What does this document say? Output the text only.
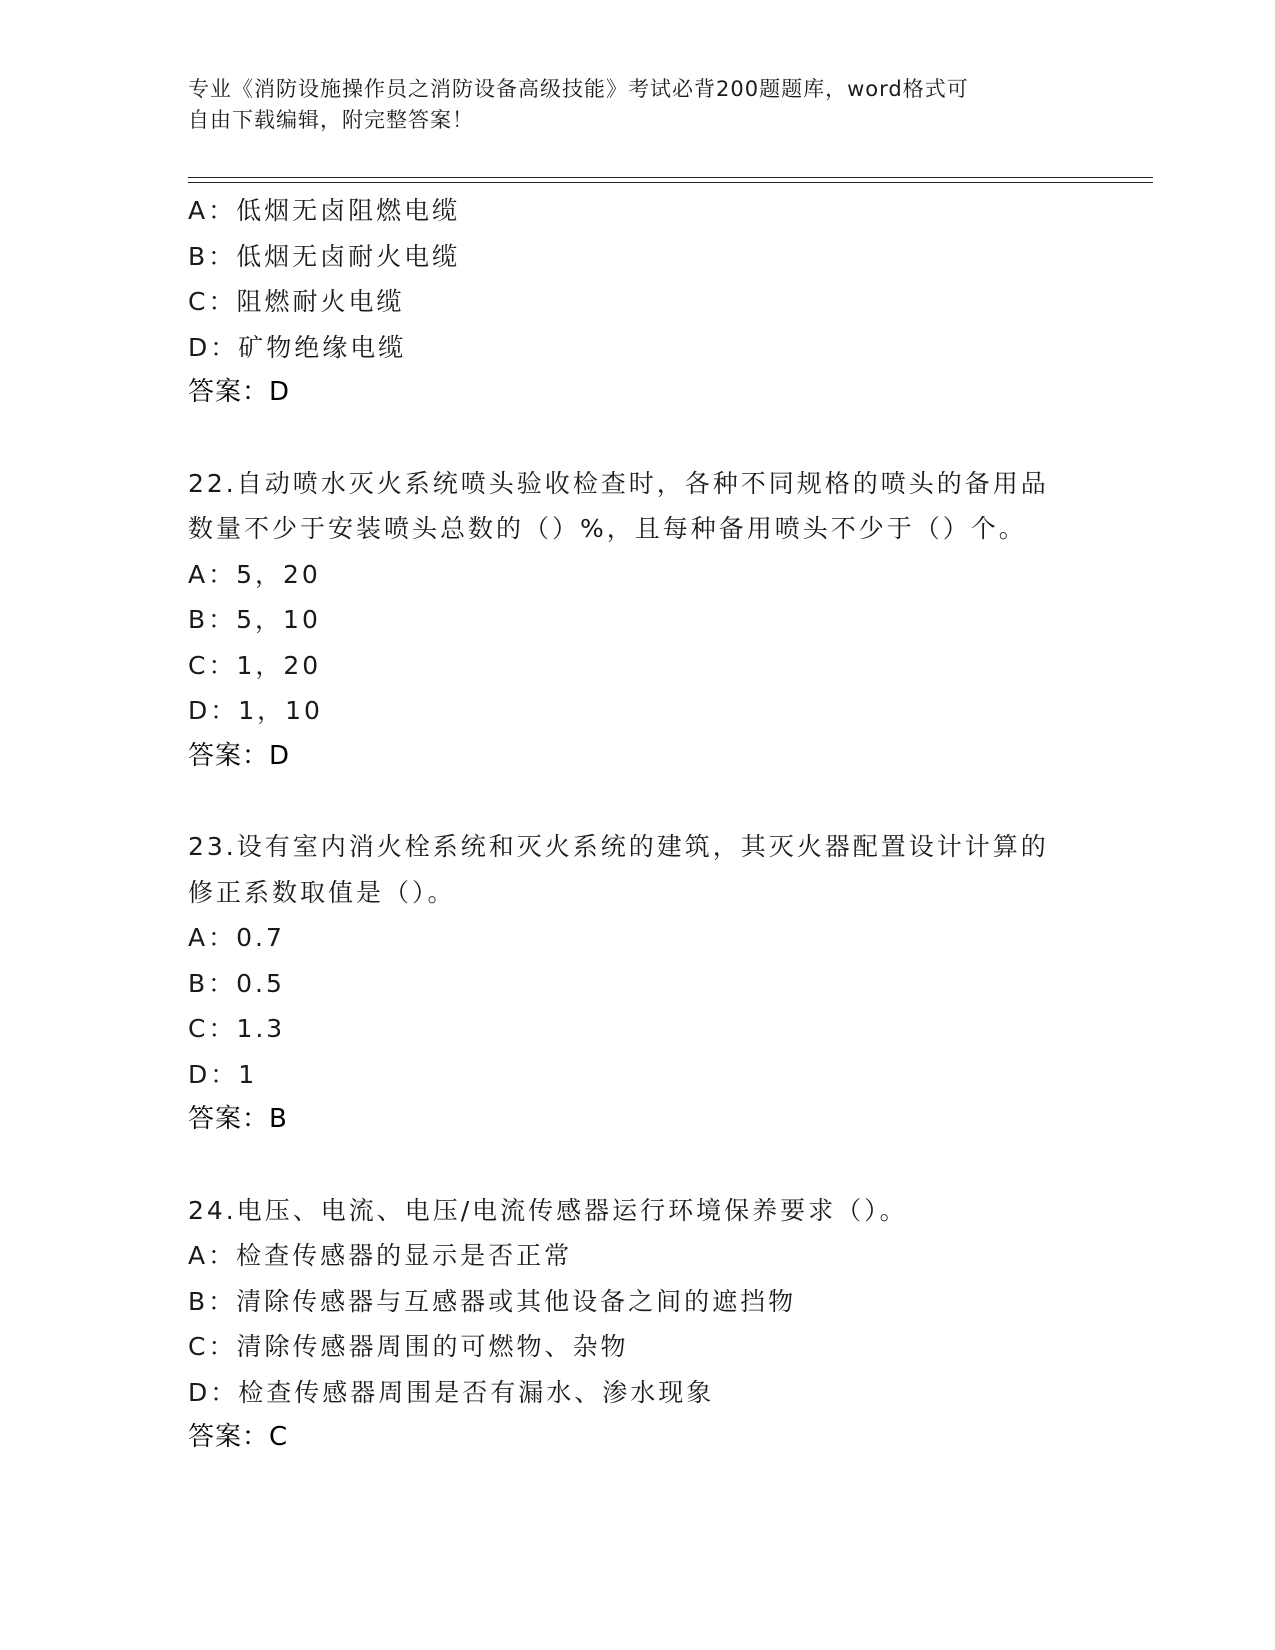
专业《消防设施操作员之消防设备高级技能》考试必背200题题库，word格式可
自由下载编辑，附完整答案！
A：低烟无卤阻燃电缆
B：低烟无卤耐火电缆
C：阻燃耐火电缆
D：矿物绝缘电缆
答案：D
22.自动喷水灭火系统喷头验收检查时，各种不同规格的喷头的备用品
数量不少于安装喷头总数的（）%，且每种备用喷头不少于（）个。
A：5，20
B：5，10
C：1，20
D：1，10
答案：D
23.设有室内消火栓系统和灭火系统的建筑，其灭火器配置设计计算的
修正系数取值是（）。
A：0.7
B：0.5
C：1.3
D：1
答案：B
24.电压、电流、电压/电流传感器运行环境保养要求（）。
A：检查传感器的显示是否正常
B：清除传感器与互感器或其他设备之间的遮挡物
C：清除传感器周围的可燃物、杂物
D：检查传感器周围是否有漏水、渗水现象
答案：C
